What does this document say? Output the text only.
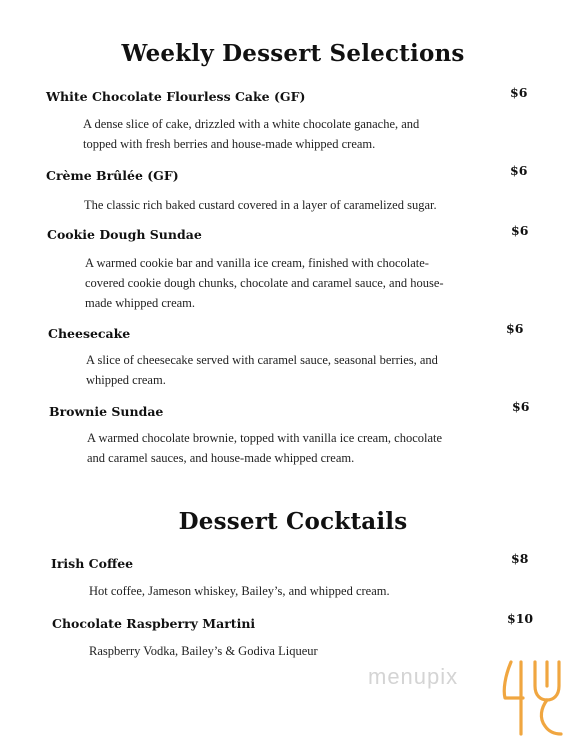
Weekly Dessert Selections
White Chocolate Flourless Cake (GF)	$6
A dense slice of cake, drizzled with a white chocolate ganache, and
topped with fresh berries and house-made whipped cream.
Crème Brûlée (GF)	$6
The classic rich baked custard covered in a layer of caramelized sugar.
Cookie Dough Sundae	$6
A warmed cookie bar and vanilla ice cream, finished with chocolate-
covered cookie dough chunks, chocolate and caramel sauce, and house-
made whipped cream.
Cheesecake	$6
A slice of cheesecake served with caramel sauce, seasonal berries, and
whipped cream.
Brownie Sundae	$6
A warmed chocolate brownie, topped with vanilla ice cream, chocolate
and caramel sauces, and house-made whipped cream.
Dessert Cocktails
Irish Coffee	$8
Hot coffee, Jameson whiskey, Bailey’s, and whipped cream.
Chocolate Raspberry Martini	$10
Raspberry Vodka, Bailey’s & Godiva Liqueur
menupix
